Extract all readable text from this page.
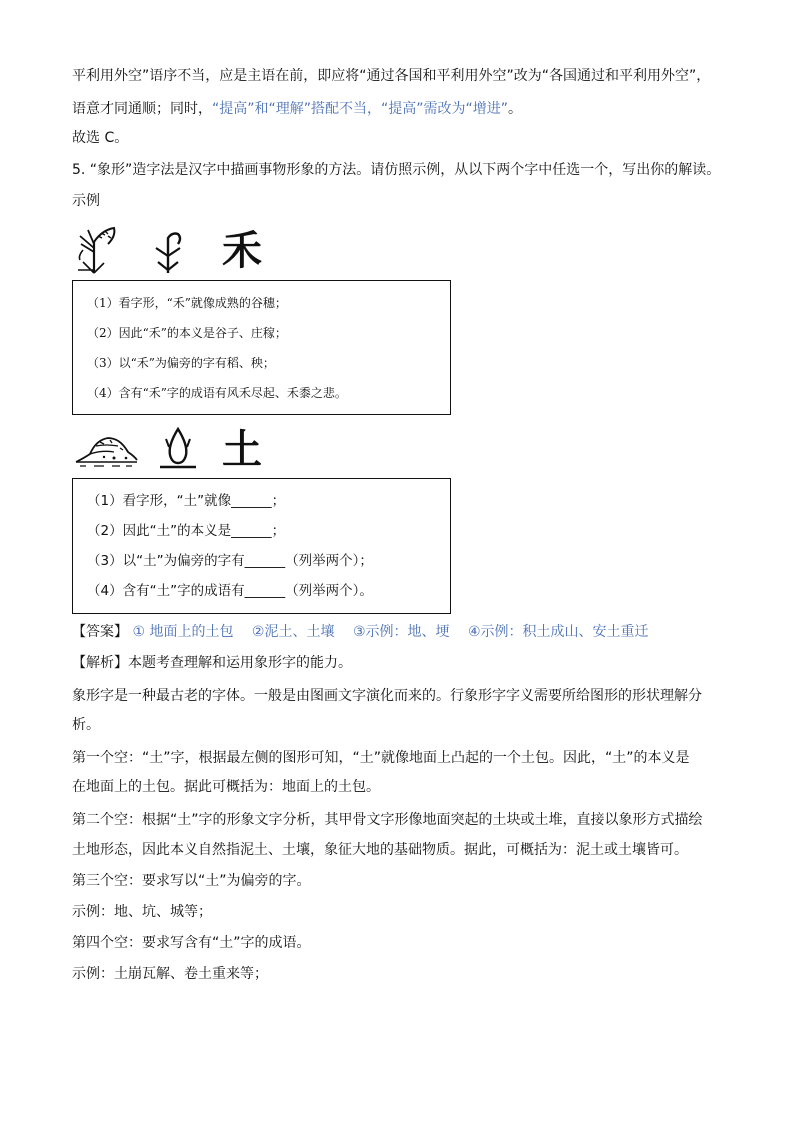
平利用外空”语序不当，应是主语在前，即应将“通过各国和平利用外空”改为“各国通过和平利用外空”，
语意才同通顺；同时，“提高”和“理解”搭配不当，“提高”需改为“增进”。
故选 C。
5. “象形”造字法是汉字中描画事物形象的方法。请仿照示例，从以下两个字中任选一个，写出你的解读。
示例
禾
（1）看字形，“禾”就像成熟的谷穗；
（2）因此“禾”的本义是谷子、庄稼；
（3）以“禾”为偏旁的字有稻、秧；
（4）含有“禾”字的成语有风禾尽起、禾黍之悲。
土
（1）看字形，“土”就像______；
（2）因此“土”的本义是______；
（3）以“土”为偏旁的字有______（列举两个）；
（4）含有“土”字的成语有______（列举两个）。
【答案】 ① 地面上的土包 ②泥土、土壤 ③示例：地、埂 ④示例：积土成山、安土重迁
【解析】本题考查理解和运用象形字的能力。
象形字是一种最古老的字体。一般是由图画文字演化而来的。行象形字字义需要所给图形的形状理解分
析。
第一个空：“土”字，根据最左侧的图形可知，“土”就像地面上凸起的一个土包。因此，“土”的本义是
在地面上的土包。据此可概括为：地面上的土包。
第二个空：根据“土”字的形象文字分析，其甲骨文字形像地面突起的土块或土堆，直接以象形方式描绘
土地形态，因此本义自然指泥土、土壤，象征大地的基础物质。据此，可概括为：泥土或土壤皆可。
第三个空：要求写以“土”为偏旁的字。
示例：地、坑、城等；
第四个空：要求写含有“土”字的成语。
示例：土崩瓦解、卷土重来等；
